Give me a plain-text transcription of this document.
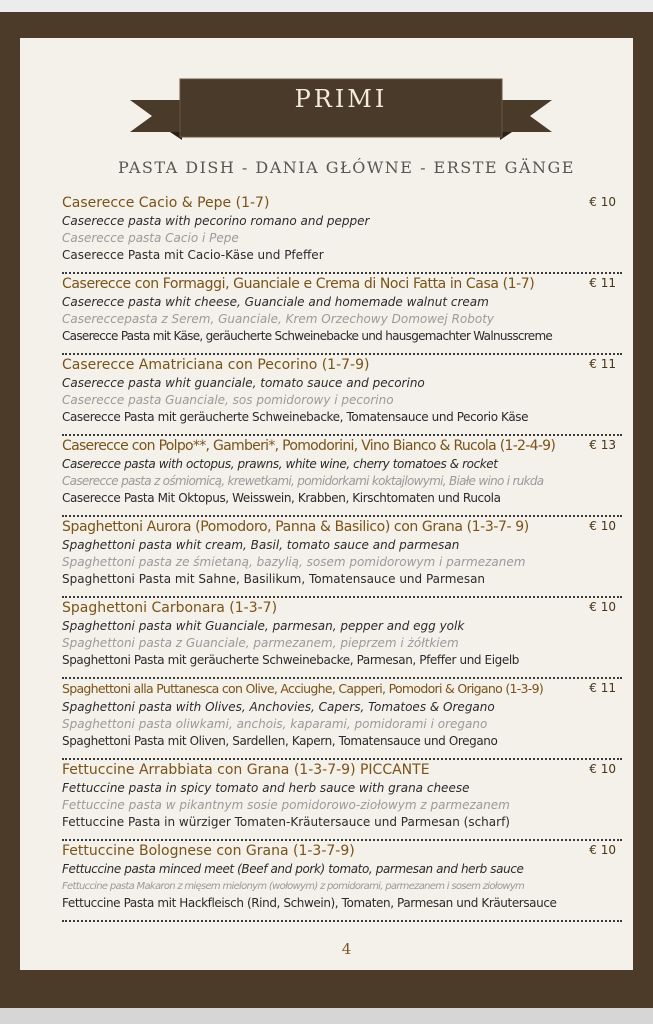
PRIMI
PASTA DISH - DANIA GŁÓWNE - ERSTE GÄNGE
Caserecce Cacio & Pepe (1-7)	€ 10
Caserecce pasta with pecorino romano and pepper
Caserecce pasta Cacio i Pepe
Caserecce Pasta mit Cacio-Käse und Pfeffer
Caserecce con Formaggi, Guanciale e Crema di Noci Fatta in Casa (1-7)	€ 11
Caserecce pasta whit cheese, Guanciale and homemade walnut cream
Casereccepasta z Serem, Guanciale, Krem Orzechowy Domowej Roboty
Caserecce Pasta mit Käse, geräucherte Schweinebacke und hausgemachter Walnusscreme
Caserecce Amatriciana con Pecorino (1-7-9)	€ 11
Caserecce pasta whit guanciale, tomato sauce and pecorino
Caserecce pasta Guanciale, sos pomidorowy i pecorino
Caserecce Pasta mit geräucherte Schweinebacke, Tomatensauce und Pecorio Käse
Caserecce con Polpo**, Gamberi*, Pomodorini, Vino Bianco & Rucola (1-2-4-9)	€ 13
Caserecce pasta with octopus, prawns, white wine, cherry tomatoes & rocket
Caserecce pasta z ośmiomicą, krewetkami, pomidorkami koktajlowymi, Białe wino i rukda
Caserecce Pasta Mit Oktopus, Weisswein, Krabben, Kirschtomaten und Rucola
Spaghettoni Aurora (Pomodoro, Panna & Basilico) con Grana (1-3-7- 9)	€ 10
Spaghettoni pasta whit cream, Basil, tomato sauce and parmesan
Spaghettoni pasta ze śmietaną, bazylią, sosem pomidorowym i parmezanem
Spaghettoni Pasta mit Sahne, Basilikum, Tomatensauce und Parmesan
Spaghettoni Carbonara (1-3-7)	€ 10
Spaghettoni pasta whit Guanciale, parmesan, pepper and egg yolk
Spaghettoni pasta z Guanciale, parmezanem, pieprzem i żółtkiem
Spaghettoni Pasta mit geräucherte Schweinebacke, Parmesan, Pfeffer und Eigelb
Spaghettoni alla Puttanesca con Olive, Acciughe, Capperi, Pomodori & Origano (1-3-9)	€ 11
Spaghettoni pasta with Olives, Anchovies, Capers, Tomatoes & Oregano
Spaghettoni pasta oliwkami, anchois, kaparami, pomidorami i oregano
Spaghettoni Pasta mit Oliven, Sardellen, Kapern, Tomatensauce und Oregano
Fettuccine Arrabbiata con Grana (1-3-7-9) PICCANTE	€ 10
Fettuccine pasta in spicy tomato and herb sauce with grana cheese
Fettuccine pasta w pikantnym sosie pomidorowo-ziołowym z parmezanem
Fettuccine Pasta in würziger Tomaten-Kräutersauce und Parmesan (scharf)
Fettuccine Bolognese con Grana (1-3-7-9)	€ 10
Fettuccine pasta minced meet (Beef and pork) tomato, parmesan and herb sauce
Fettuccine pasta Makaron z mięsem mielonym (wołowym) z pomidorami, parmezanem i sosem ziołowym
Fettuccine Pasta mit Hackfleisch (Rind, Schwein), Tomaten, Parmesan und Kräutersauce
4
